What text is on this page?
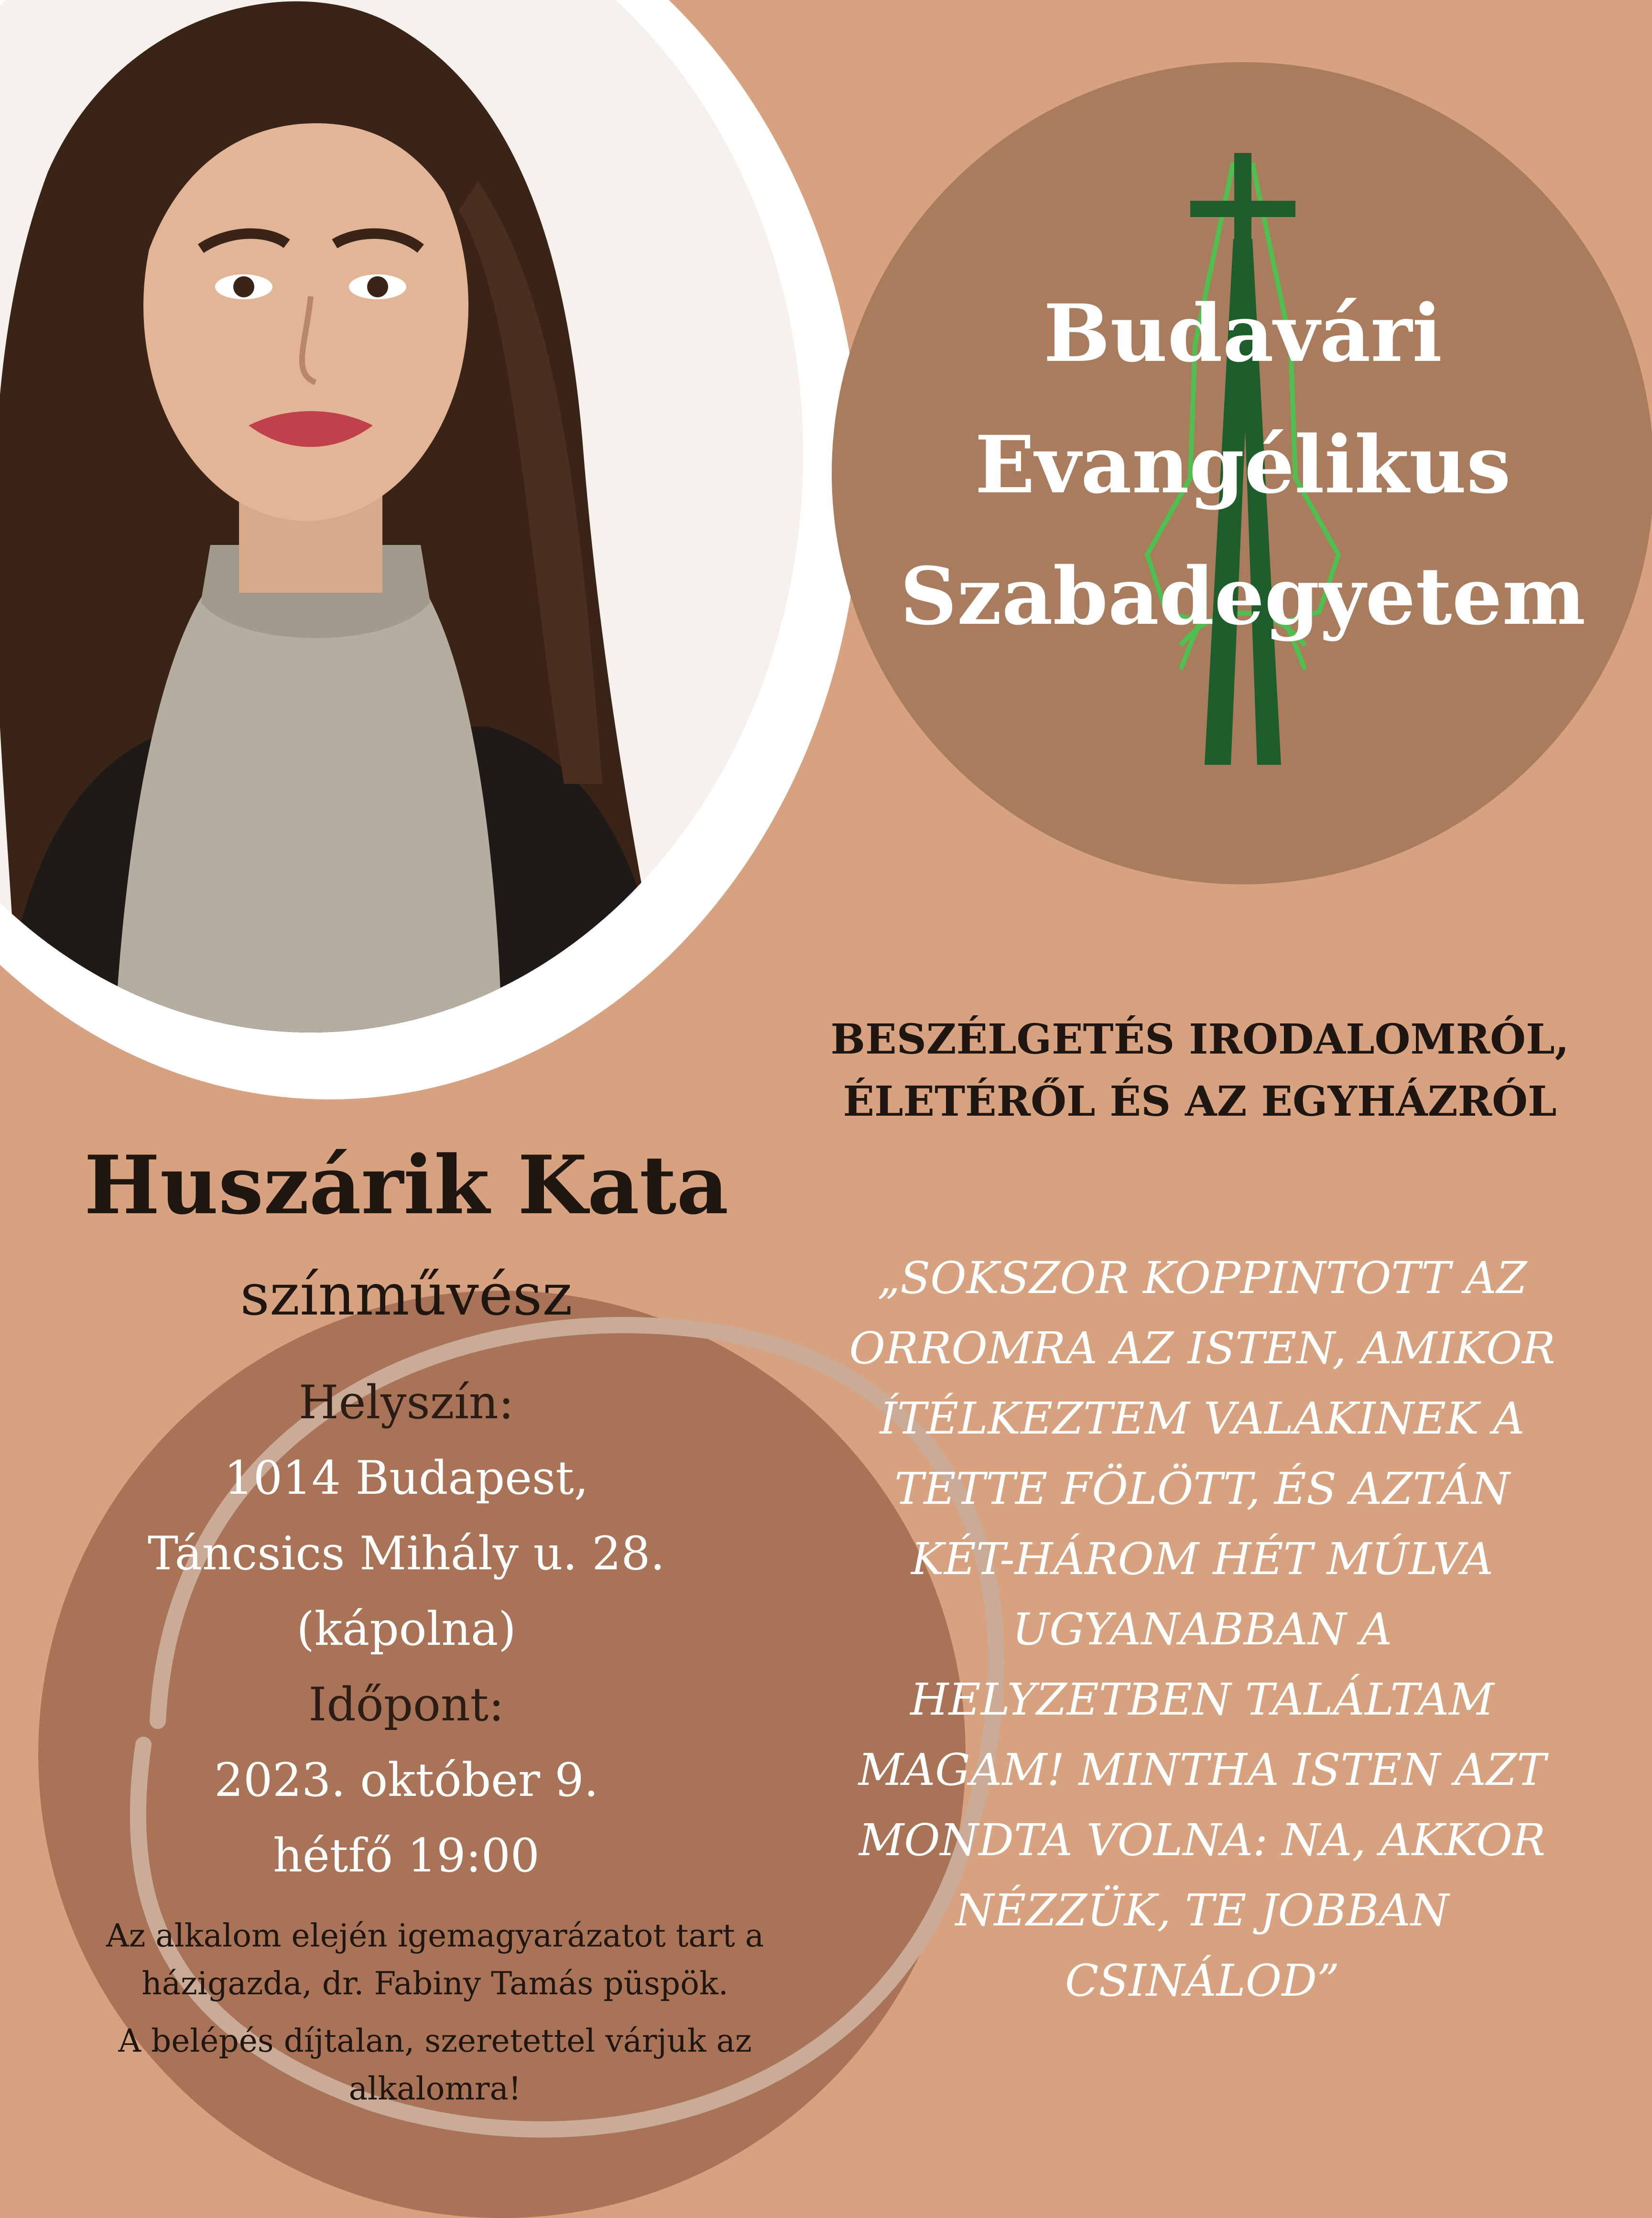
Budavári
Evangélikus
Szabadegyetem
Huszárik Kata
színművész
Helyszín:
1014 Budapest,
Táncsics Mihály u. 28.
(kápolna)
Időpont:
2023. október 9.
hétfő 19:00

Az alkalom elején igemagyarázatot tart a házigazda, dr. Fabiny Tamás püspök.

A belépés díjtalan, szeretettel várjuk az alkalomra!

BESZÉLGETÉS IRODALOMRÓL,
ÉLETÉRŐL ÉS AZ EGYHÁZRÓL
„SOKSZOR KOPPINTOTT AZ
ORROMRA AZ ISTEN, AMIKOR
ÍTÉLKEZTEM VALAKINEK A
TETTE FÖLÖTT, ÉS AZTÁN
KÉT-HÁROM HÉT MÚLVA
UGYANABBAN A
HELYZETBEN TALÁLTAM
MAGAM! MINTHA ISTEN AZT
MONDTA VOLNA: NA, AKKOR
NÉZZÜK, TE JOBBAN
CSINÁLOD”
